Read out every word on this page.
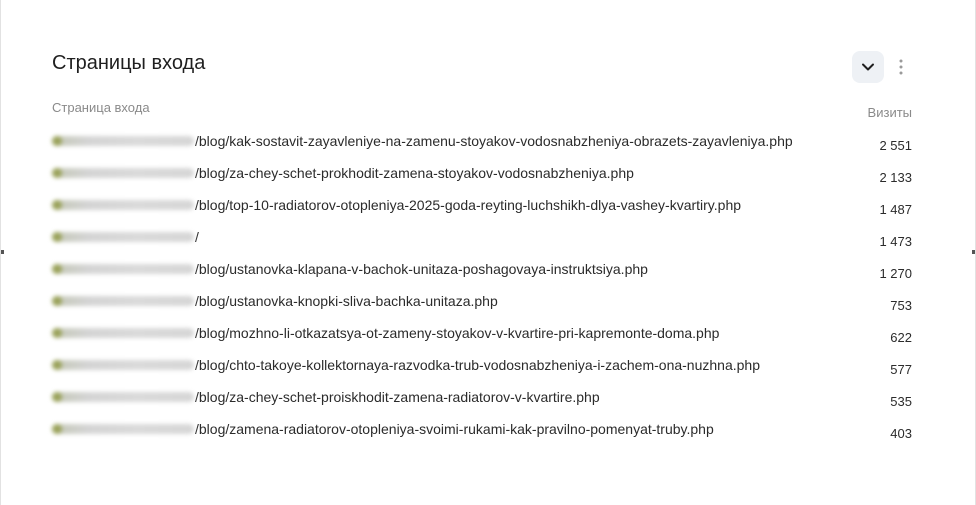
Страницы входа
Страница входа	Визиты
/blog/kak-sostavit-zayavleniye-na-zamenu-stoyakov-vodosnabzheniya-obrazets-zayavleniya.php	2 551
/blog/za-chey-schet-prokhodit-zamena-stoyakov-vodosnabzheniya.php	2 133
/blog/top-10-radiatorov-otopleniya-2025-goda-reyting-luchshikh-dlya-vashey-kvartiry.php	1 487
/	1 473
/blog/ustanovka-klapana-v-bachok-unitaza-poshagovaya-instruktsiya.php	1 270
/blog/ustanovka-knopki-sliva-bachka-unitaza.php	753
/blog/mozhno-li-otkazatsya-ot-zameny-stoyakov-v-kvartire-pri-kapremonte-doma.php	622
/blog/chto-takoye-kollektornaya-razvodka-trub-vodosnabzheniya-i-zachem-ona-nuzhna.php	577
/blog/za-chey-schet-proiskhodit-zamena-radiatorov-v-kvartire.php	535
/blog/zamena-radiatorov-otopleniya-svoimi-rukami-kak-pravilno-pomenyat-truby.php	403
